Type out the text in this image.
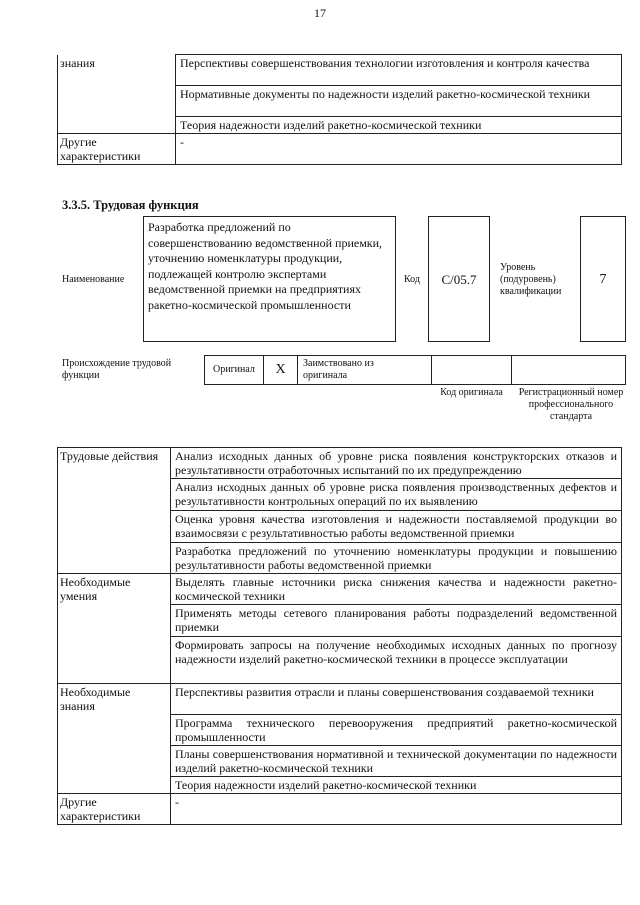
17
знания	Перспективы совершенствования технологии изготовления и контроля качества
	Нормативные документы по надежности изделий ракетно-космической техники
	Теория надежности изделий ракетно-космической техники
Другие характеристики	-
3.3.5. Трудовая функция
Наименование
Разработка предложений по совершенствованию ведомственной приемки, уточнению номенклатуры продукции, подлежащей контролю экспертами ведомственной приемки на предприятиях ракетно-космической промышленности
Код	C/05.7
Уровень (подуровень) квалификации
7
Происхождение трудовой функции
Оригинал	X	Заимствовано из оригинала
Код оригинала	Регистрационный номер профессионального стандарта
Трудовые действия	Анализ исходных данных об уровне риска появления конструкторских отказов и результативности отработочных испытаний по их предупреждению
	Анализ исходных данных об уровне риска появления производственных дефектов и результативности контрольных операций по их выявлению
	Оценка уровня качества изготовления и надежности поставляемой продукции во взаимосвязи с результативностью работы ведомственной приемки
	Разработка предложений по уточнению номенклатуры продукции и повышению результативности работы ведомственной приемки
Необходимые умения	Выделять главные источники риска снижения качества и надежности ракетно-космической техники
	Применять методы сетевого планирования работы подразделений ведомственной приемки
	Формировать запросы на получение необходимых исходных данных по прогнозу надежности изделий ракетно-космической техники в процессе эксплуатации
Необходимые знания	Перспективы развития отрасли и планы совершенствования создаваемой техники
	Программа технического перевооружения предприятий ракетно-космической промышленности
	Планы совершенствования нормативной и технической документации по надежности изделий ракетно-космической техники
	Теория надежности изделий ракетно-космической техники
Другие характеристики	-
